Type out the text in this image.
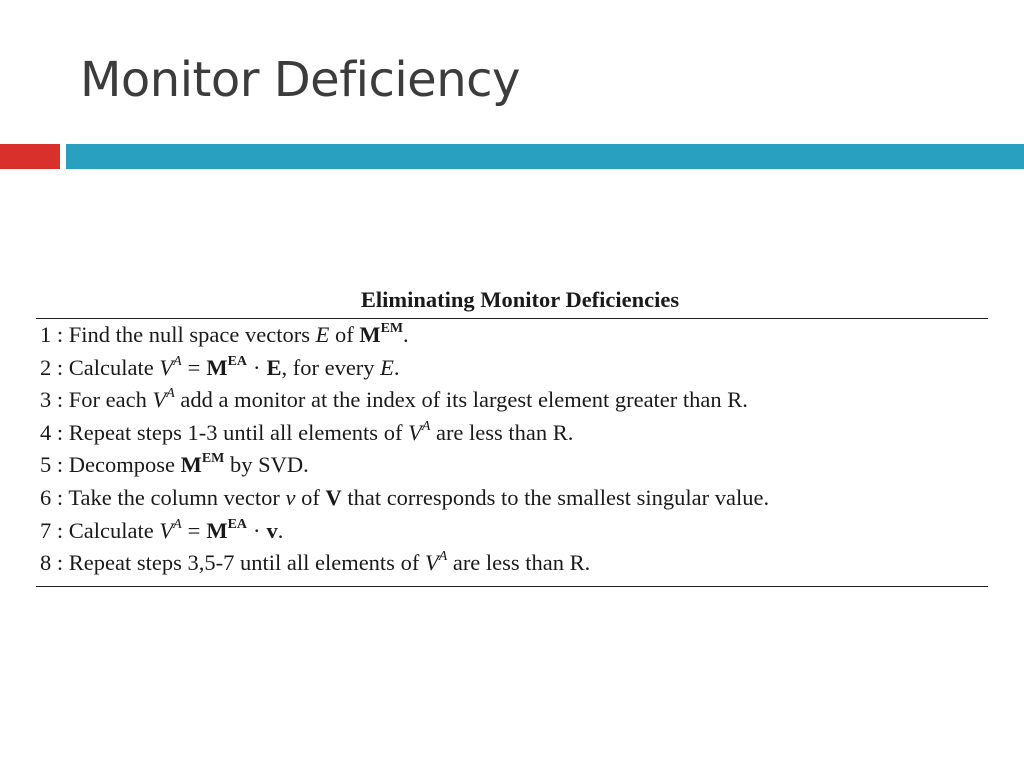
Monitor Deficiency
Eliminating Monitor Deficiencies
1 : Find the null space vectors E of $M^{EM}$.
2 : Calculate $V^A = M^{EA} \cdot E$, for every E.
3 : For each $V^A$ add a monitor at the index of its largest element greater than R.
4 : Repeat steps 1-3 until all elements of $V^A$ are less than R.
5 : Decompose $M^{EM}$ by SVD.
6 : Take the column vector v of V that corresponds to the smallest singular value.
7 : Calculate $V^A = M^{EA} \cdot v$.
8 : Repeat steps 3,5-7 until all elements of $V^A$ are less than R.
